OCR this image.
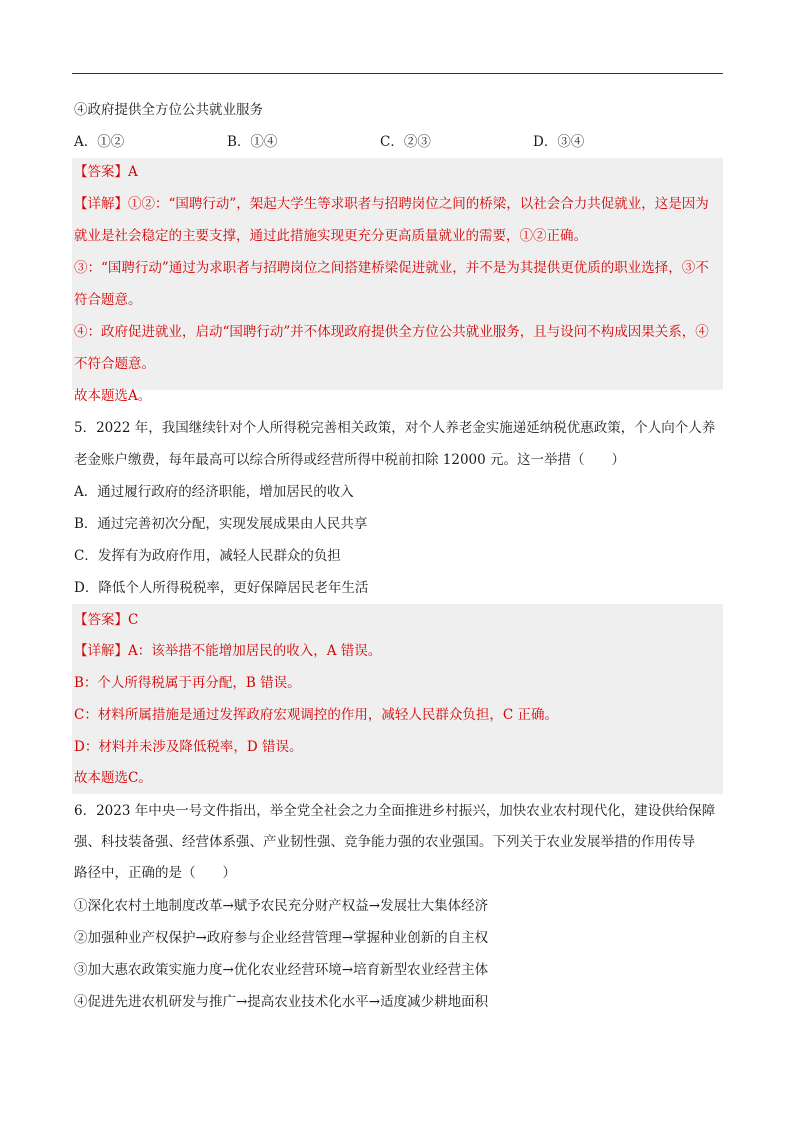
④政府提供全方位公共就业服务
A．①②	B．①④	C．②③	D．③④
【答案】A
【详解】①②：“国聘行动”，架起大学生等求职者与招聘岗位之间的桥梁，以社会合力共促就业，这是因为
就业是社会稳定的主要支撑，通过此措施实现更充分更高质量就业的需要，①②正确。
③：“国聘行动”通过为求职者与招聘岗位之间搭建桥梁促进就业，并不是为其提供更优质的职业选择，③不
符合题意。
④：政府促进就业，启动“国聘行动”并不体现政府提供全方位公共就业服务，且与设问不构成因果关系，④
不符合题意。
故本题选A。
5．2022 年，我国继续针对个人所得税完善相关政策，对个人养老金实施递延纳税优惠政策，个人向个人养
老金账户缴费，每年最高可以综合所得或经营所得中税前扣除 12000 元。这一举措（　　）
A．通过履行政府的经济职能，增加居民的收入
B．通过完善初次分配，实现发展成果由人民共享
C．发挥有为政府作用，减轻人民群众的负担
D．降低个人所得税税率，更好保障居民老年生活
【答案】C
【详解】A：该举措不能增加居民的收入，A 错误。
B：个人所得税属于再分配，B 错误。
C：材料所属措施是通过发挥政府宏观调控的作用，减轻人民群众负担，C 正确。
D：材料并未涉及降低税率，D 错误。
故本题选C。
6．2023 年中央一号文件指出，举全党全社会之力全面推进乡村振兴，加快农业农村现代化，建设供给保障
强、科技装备强、经营体系强、产业韧性强、竞争能力强的农业强国。下列关于农业发展举措的作用传导
路径中，正确的是（　　）
①深化农村土地制度改革→赋予农民充分财产权益→发展壮大集体经济
②加强种业产权保护→政府参与企业经营管理→掌握种业创新的自主权
③加大惠农政策实施力度→优化农业经营环境→培育新型农业经营主体
④促进先进农机研发与推广→提高农业技术化水平→适度减少耕地面积
